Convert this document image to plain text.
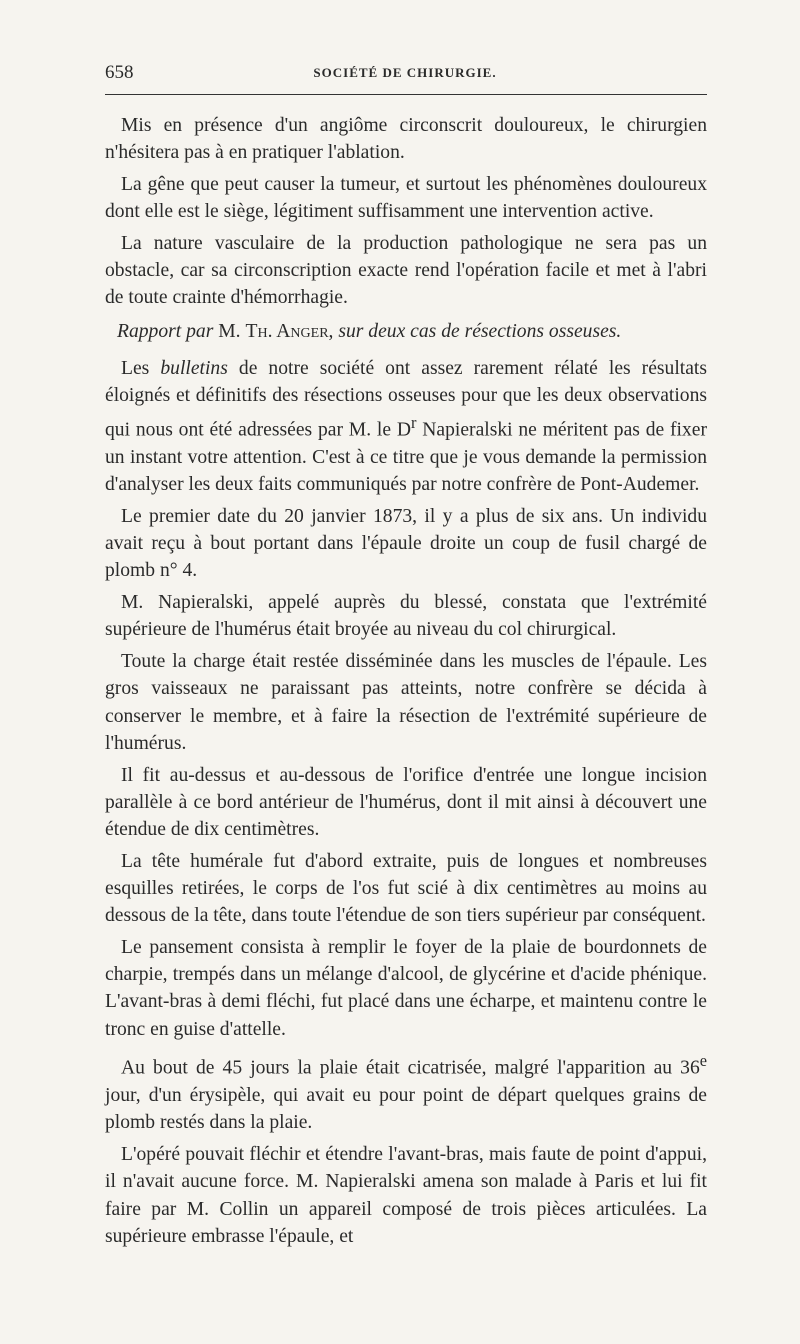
658	SOCIÉTÉ DE CHIRURGIE.

Mis en présence d'un angiôme circonscrit douloureux, le chirurgien n'hésitera pas à en pratiquer l'ablation.

La gêne que peut causer la tumeur, et surtout les phénomènes douloureux dont elle est le siège, légitiment suffisamment une intervention active.

La nature vasculaire de la production pathologique ne sera pas un obstacle, car sa circonscription exacte rend l'opération facile et met à l'abri de toute crainte d'hémorrhagie.

Rapport par M. Th. Anger, sur deux cas de résections osseuses.

Les bulletins de notre société ont assez rarement rélaté les résultats éloignés et définitifs des résections osseuses pour que les deux observations qui nous ont été adressées par M. le $D^r$ Napieralski ne méritent pas de fixer un instant votre attention. C'est à ce titre que je vous demande la permission d'analyser les deux faits communiqués par notre confrère de Pont-Audemer.

Le premier date du 20 janvier 1873, il y a plus de six ans. Un individu avait reçu à bout portant dans l'épaule droite un coup de fusil chargé de plomb n° 4.

M. Napieralski, appelé auprès du blessé, constata que l'extrémité supérieure de l'humérus était broyée au niveau du col chirurgical.

Toute la charge était restée disséminée dans les muscles de l'épaule. Les gros vaisseaux ne paraissant pas atteints, notre confrère se décida à conserver le membre, et à faire la résection de l'extrémité supérieure de l'humérus.

Il fit au-dessus et au-dessous de l'orifice d'entrée une longue incision parallèle à ce bord antérieur de l'humérus, dont il mit ainsi à découvert une étendue de dix centimètres.

La tête humérale fut d'abord extraite, puis de longues et nombreuses esquilles retirées, le corps de l'os fut scié à dix centimètres au moins au dessous de la tête, dans toute l'étendue de son tiers supérieur par conséquent.

Le pansement consista à remplir le foyer de la plaie de bourdonnets de charpie, trempés dans un mélange d'alcool, de glycérine et d'acide phénique. L'avant-bras à demi fléchi, fut placé dans une écharpe, et maintenu contre le tronc en guise d'attelle.

Au bout de 45 jours la plaie était cicatrisée, malgré l'apparition au 36e jour, d'un érysipèle, qui avait eu pour point de départ quelques grains de plomb restés dans la plaie.

L'opéré pouvait fléchir et étendre l'avant-bras, mais faute de point d'appui, il n'avait aucune force. M. Napieralski amena son malade à Paris et lui fit faire par M. Collin un appareil composé de trois pièces articulées. La supérieure embrasse l'épaule, et
